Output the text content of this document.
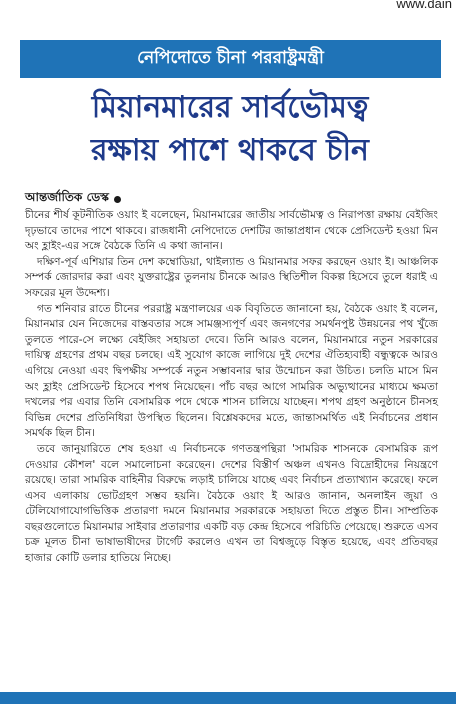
www.dain
নেপিদোতে চীনা পররাষ্ট্রমন্ত্রী
মিয়ানমারের সার্বভৌমত্ব
রক্ষায় পাশে থাকবে চীন
আন্তর্জাতিক ডেস্ক

চীনের শীর্ষ কূটনীতিক ওয়াং ই বলেছেন, মিয়ানমারের জাতীয় সার্বভৌমত্ব ও নিরাপত্তা রক্ষায় বেইজিং দৃঢ়ভাবে তাদের পাশে থাকবে। রাজধানী নেপিদোতে দেশটির জান্তাপ্রধান থেকে প্রেসিডেন্ট হওয়া মিন অং হ্লাইং-এর সঙ্গে বৈঠকে তিনি এ কথা জানান।

দক্ষিণ-পূর্ব এশিয়ার তিন দেশ কম্বোডিয়া, থাইল্যান্ড ও মিয়ানমার সফর করছেন ওয়াং ই। আঞ্চলিক সম্পর্ক জোরদার করা এবং যুক্তরাষ্ট্রের তুলনায় চীনকে আরও স্থিতিশীল বিকল্প হিসেবে তুলে ধরাই এ সফরের মূল উদ্দেশ্য।

গত শনিবার রাতে চীনের পররাষ্ট্র মন্ত্রণালয়ের এক বিবৃতিতে জানানো হয়, বৈঠকে ওয়াং ই বলেন, মিয়ানমার যেন নিজেদের বাস্তবতার সঙ্গে সামঞ্জস্যপূর্ণ এবং জনগণের সমর্থনপুষ্ট উন্নয়নের পথ খুঁজে তুলতে পারে-সে লক্ষ্যে বেইজিং সহায়তা দেবে। তিনি আরও বলেন, মিয়ানমারে নতুন সরকারের দায়িত্ব গ্রহণের প্রথম বছর চলছে। এই সুযোগ কাজে লাগিয়ে দুই দেশের ঐতিহ্যবাহী বন্ধুত্বকে আরও এগিয়ে নেওয়া এবং দ্বিপক্ষীয় সম্পর্কে নতুন সম্ভাবনার দ্বার উন্মোচন করা উচিত। চলতি মাসে মিন অং হ্লাইং প্রেসিডেন্ট হিসেবে শপথ নিয়েছেন। পাঁচ বছর আগে সামরিক অভ্যুত্থানের মাধ্যমে ক্ষমতা দখলের পর এবার তিনি বেসামরিক পদে থেকে শাসন চালিয়ে যাচ্ছেন। শপথ গ্রহণ অনুষ্ঠানে চীনসহ বিভিন্ন দেশের প্রতিনিধিরা উপস্থিত ছিলেন। বিশ্লেষকদের মতে, জান্তাসমর্থিত এই নির্বাচনের প্রধান সমর্থক ছিল চীন।

তবে জানুয়ারিতে শেষ হওয়া এ নির্বাচনকে গণতন্ত্রপন্থিরা 'সামরিক শাসনকে বেসামরিক রূপ দেওয়ার কৌশল' বলে সমালোচনা করেছেন। দেশের বিস্তীর্ণ অঞ্চল এখনও বিদ্রোহীদের নিয়ন্ত্রণে রয়েছে। তারা সামরিক বাহিনীর বিরুদ্ধে লড়াই চালিয়ে যাচ্ছে এবং নির্বাচন প্রত্যাখ্যান করেছে। ফলে এসব এলাকায় ভোটগ্রহণ সম্ভব হয়নি। বৈঠকে ওয়াং ই আরও জানান, অনলাইন জুয়া ও টেলিযোগাযোগভিত্তিক প্রতারণা দমনে মিয়ানমার সরকারকে সহায়তা দিতে প্রস্তুত চীন। সাম্প্রতিক বছরগুলোতে মিয়ানমার সাইবার প্রতারণার একটি বড় কেন্দ্র হিসেবে পরিচিতি পেয়েছে। শুরুতে এসব চক্র মূলত চীনা ভাষাভাষীদের টার্গেট করলেও এখন তা বিশ্বজুড়ে বিস্তৃত হয়েছে, এবং প্রতিবছর হাজার কোটি ডলার হাতিয়ে নিচ্ছে।
